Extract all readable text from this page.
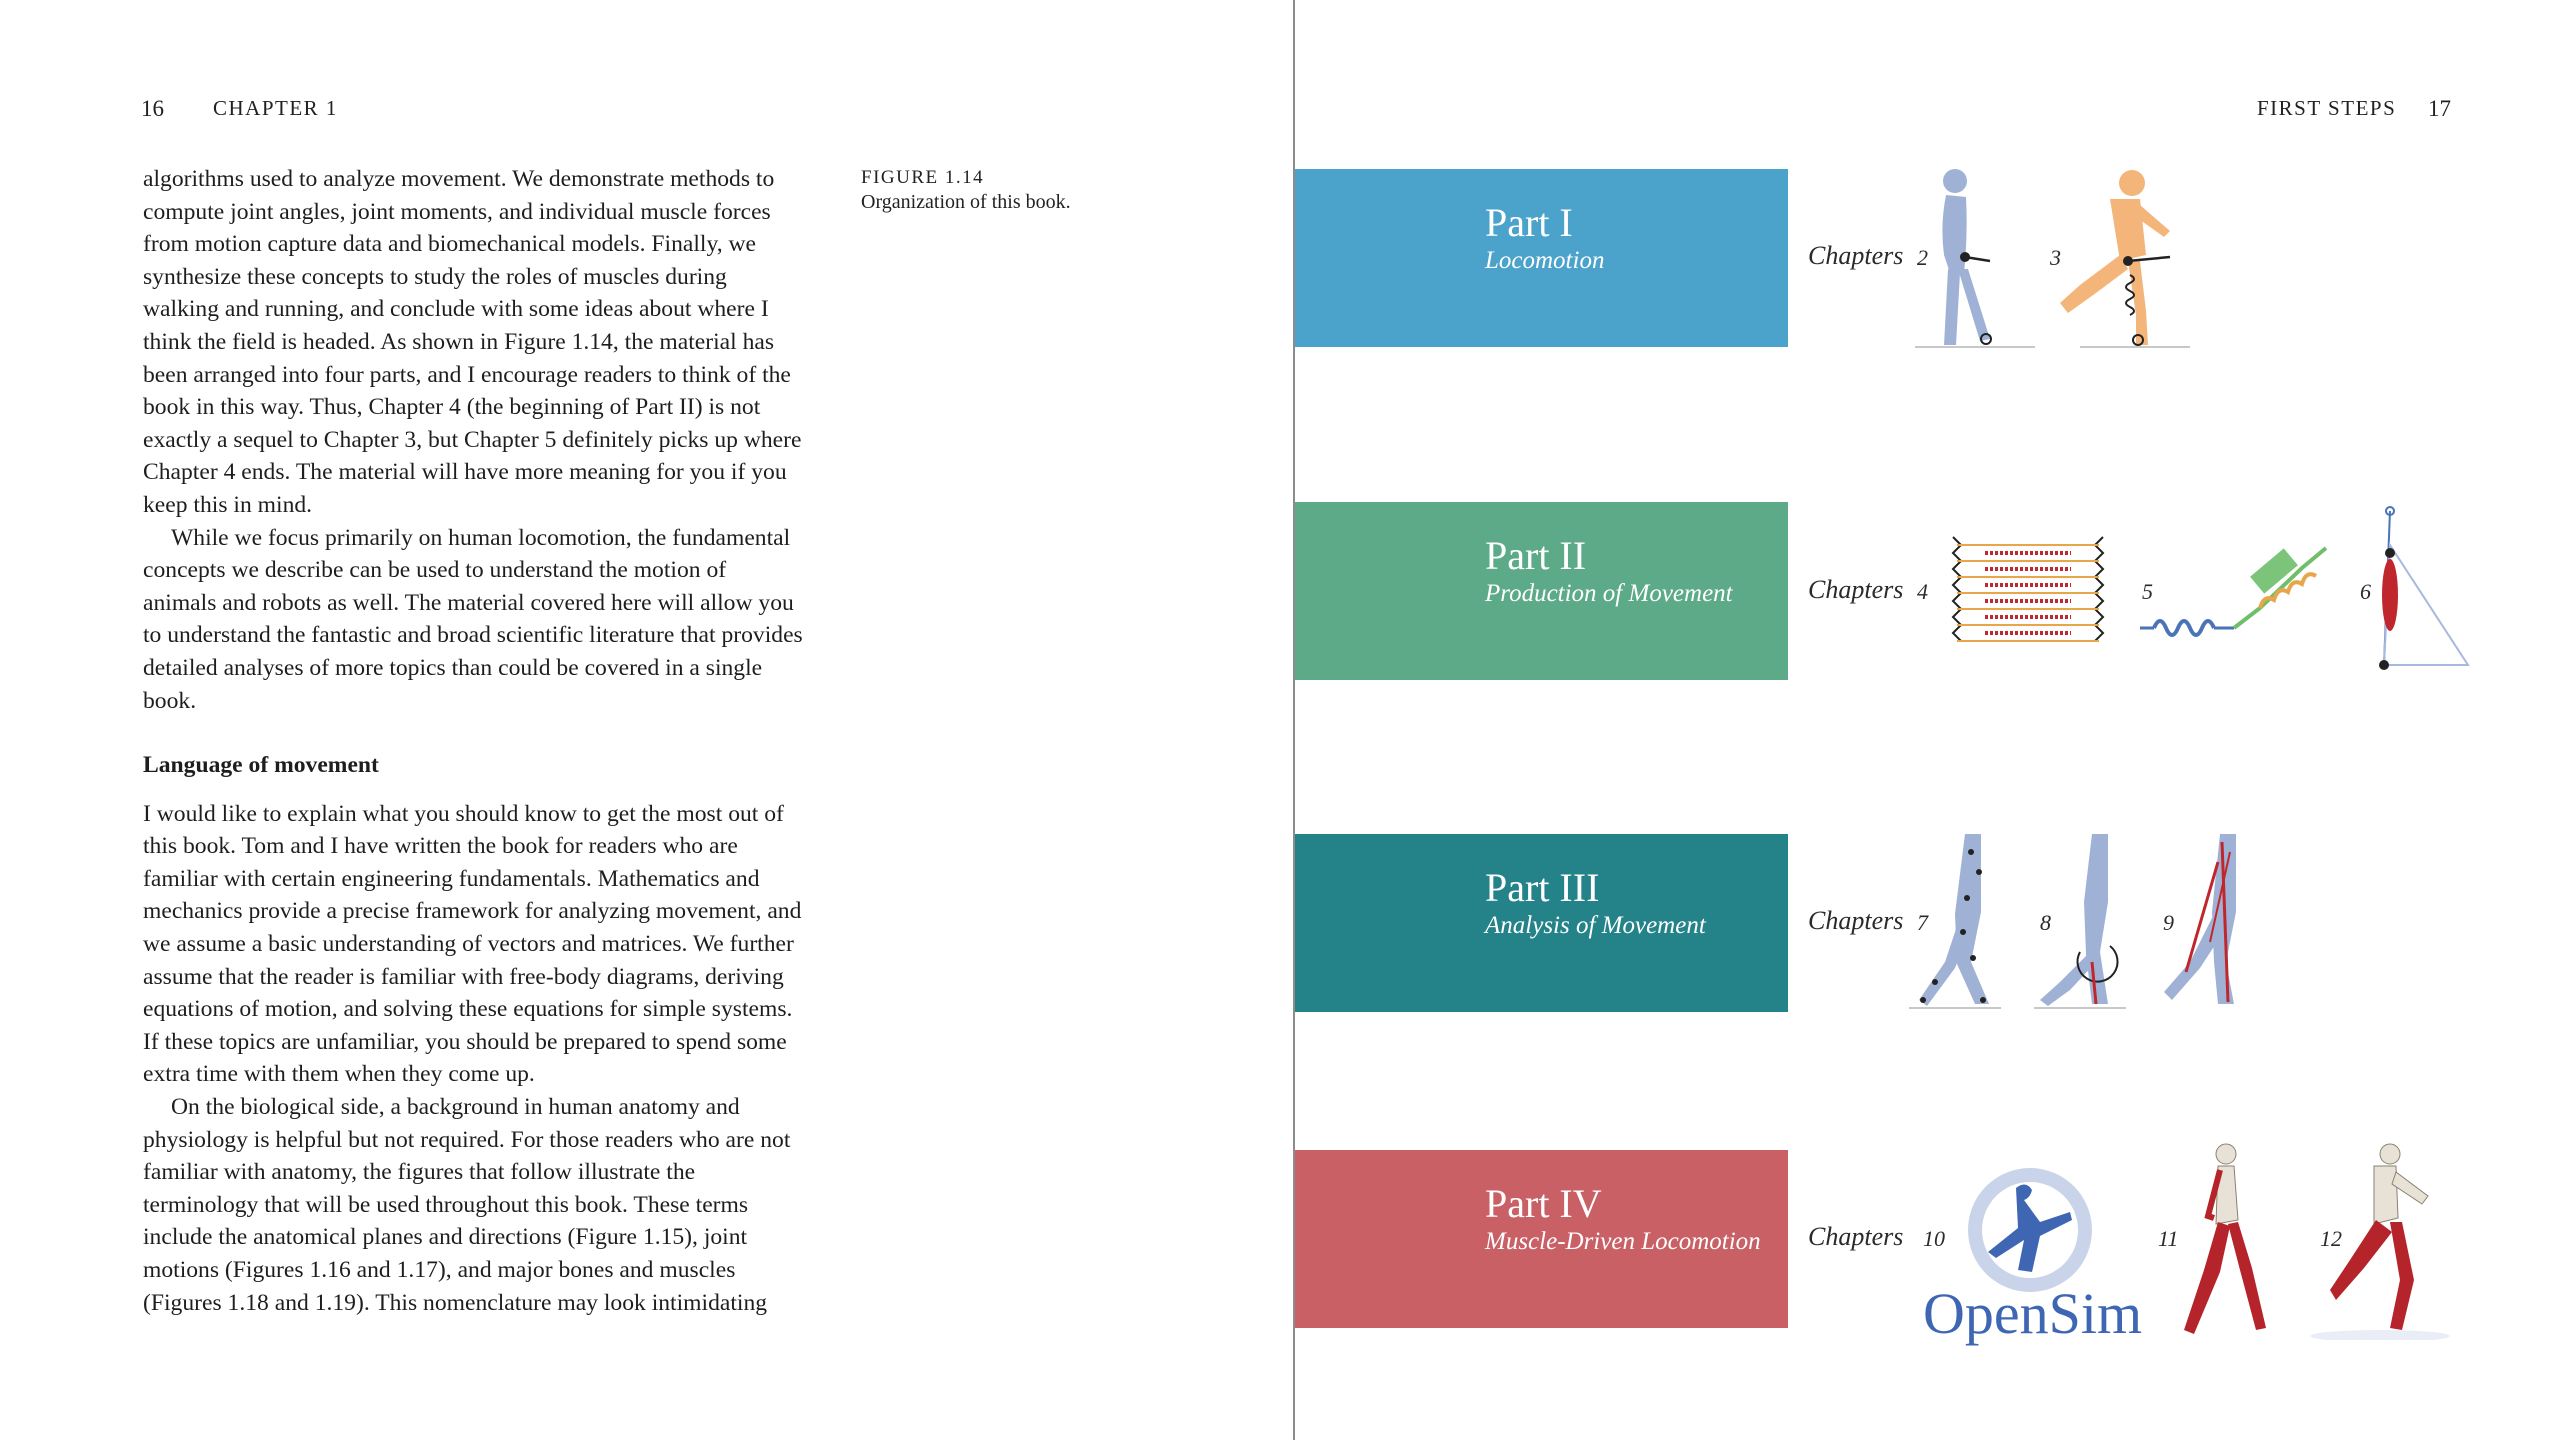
16 CHAPTER 1

algorithms used to analyze movement. We demonstrate methods to compute joint angles, joint moments, and individual muscle forces from motion capture data and biomechanical models. Finally, we synthesize these concepts to study the roles of muscles during walking and running, and conclude with some ideas about where I think the field is headed. As shown in Figure 1.14, the material has been arranged into four parts, and I encourage readers to think of the book in this way. Thus, Chapter 4 (the beginning of Part II) is not exactly a sequel to Chapter 3, but Chapter 5 definitely picks up where Chapter 4 ends. The material will have more meaning for you if you keep this in mind.

While we focus primarily on human locomotion, the fundamental concepts we describe can be used to understand the motion of animals and robots as well. The material covered here will allow you to understand the fantastic and broad scientific literature that provides detailed analyses of more topics than could be covered in a single book.

Language of movement

I would like to explain what you should know to get the most out of this book. Tom and I have written the book for readers who are familiar with certain engineering fundamentals. Mathematics and mechanics provide a precise framework for analyzing movement, and we assume a basic understanding of vectors and matrices. We further assume that the reader is familiar with free-body diagrams, deriving equations of motion, and solving these equations for simple systems. If these topics are unfamiliar, you should be prepared to spend some extra time with them when they come up.

On the biological side, a background in human anatomy and physiology is helpful but not required. For those readers who are not familiar with anatomy, the figures that follow illustrate the terminology that will be used throughout this book. These terms include the anatomical planes and directions (Figure 1.15), joint motions (Figures 1.16 and 1.17), and major bones and muscles (Figures 1.18 and 1.19). This nomenclature may look intimidating

FIGURE 1.14
Organization of this book.
FIRST STEPS 17
Part I
Locomotion	Chapters 2	3
Part II
Production of Movement	Chapters 4	5	6
Part III
Analysis of Movement	Chapters 7	8	9
Part IV
Muscle-Driven Locomotion Chapters 10	11	12
OpenSim
